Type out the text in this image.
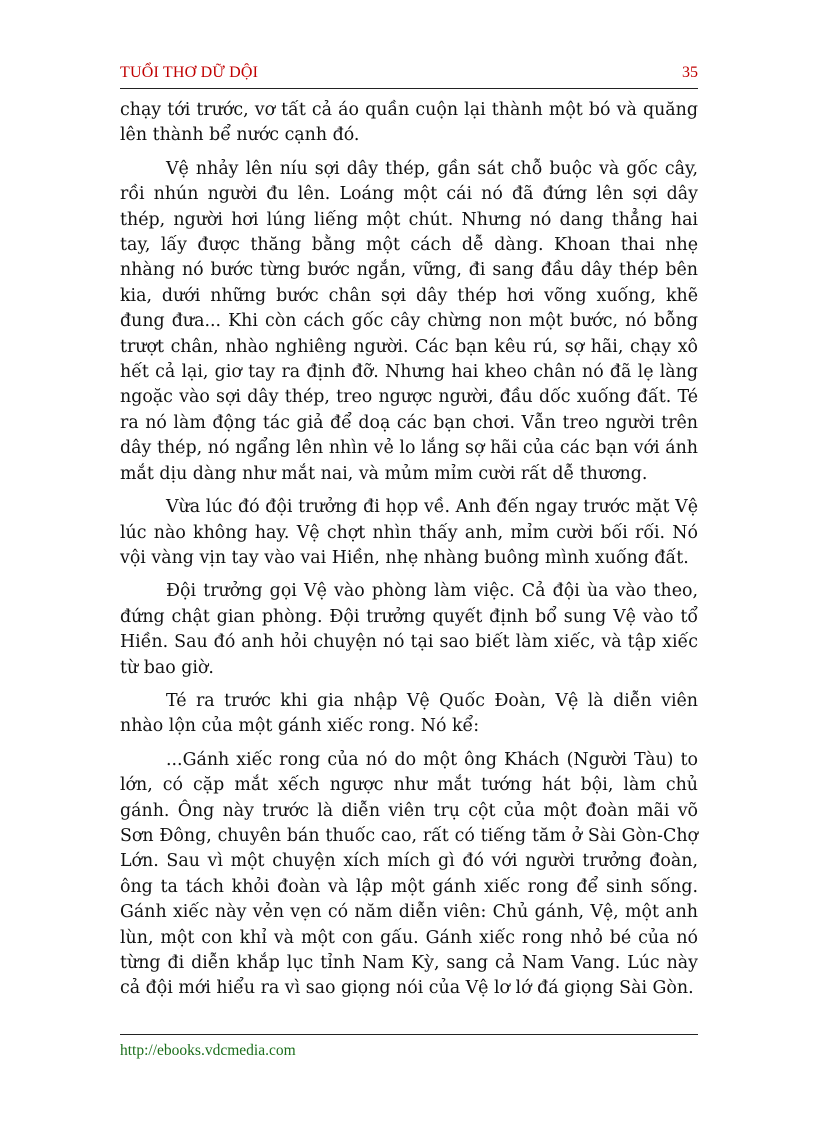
TUỔI THƠ DỮ DỘI	35

chạy tới trước, vơ tất cả áo quần cuộn lại thành một bó và quăng lên thành bể nước cạnh đó.

Vệ nhảy lên níu sợi dây thép, gần sát chỗ buộc và gốc cây, rồi nhún người đu lên. Loáng một cái nó đã đứng lên sợi dây thép, người hơi lúng liếng một chút. Nhưng nó dang thẳng hai tay, lấy được thăng bằng một cách dễ dàng. Khoan thai nhẹ nhàng nó bước từng bước ngắn, vững, đi sang đầu dây thép bên kia, dưới những bước chân sợi dây thép hơi võng xuống, khẽ đung đưa... Khi còn cách gốc cây chừng non một bước, nó bỗng trượt chân, nhào nghiêng người. Các bạn kêu rú, sợ hãi, chạy xô hết cả lại, giơ tay ra định đỡ. Nhưng hai kheo chân nó đã lẹ làng ngoặc vào sợi dây thép, treo ngược người, đầu dốc xuống đất. Té ra nó làm động tác giả để doạ các bạn chơi. Vẫn treo người trên dây thép, nó ngẩng lên nhìn vẻ lo lắng sợ hãi của các bạn với ánh mắt dịu dàng như mắt nai, và mủm mỉm cười rất dễ thương.

Vừa lúc đó đội trưởng đi họp về. Anh đến ngay trước mặt Vệ lúc nào không hay. Vệ chợt nhìn thấy anh, mỉm cười bối rối. Nó vội vàng vịn tay vào vai Hiền, nhẹ nhàng buông mình xuống đất.

Đội trưởng gọi Vệ vào phòng làm việc. Cả đội ùa vào theo, đứng chật gian phòng. Đội trưởng quyết định bổ sung Vệ vào tổ Hiền. Sau đó anh hỏi chuyện nó tại sao biết làm xiếc, và tập xiếc từ bao giờ.

Té ra trước khi gia nhập Vệ Quốc Đoàn, Vệ là diễn viên nhào lộn của một gánh xiếc rong. Nó kể:

...Gánh xiếc rong của nó do một ông Khách (Người Tàu) to lớn, có cặp mắt xếch ngược như mắt tướng hát bội, làm chủ gánh. Ông này trước là diễn viên trụ cột của một đoàn mãi võ Sơn Đông, chuyên bán thuốc cao, rất có tiếng tăm ở Sài Gòn-Chợ Lớn. Sau vì một chuyện xích mích gì đó với người trưởng đoàn, ông ta tách khỏi đoàn và lập một gánh xiếc rong để sinh sống. Gánh xiếc này vẻn vẹn có năm diễn viên: Chủ gánh, Vệ, một anh lùn, một con khỉ và một con gấu. Gánh xiếc rong nhỏ bé của nó từng đi diễn khắp lục tỉnh Nam Kỳ, sang cả Nam Vang. Lúc này cả đội mới hiểu ra vì sao giọng nói của Vệ lơ lớ đá giọng Sài Gòn.

http://ebooks.vdcmedia.com
